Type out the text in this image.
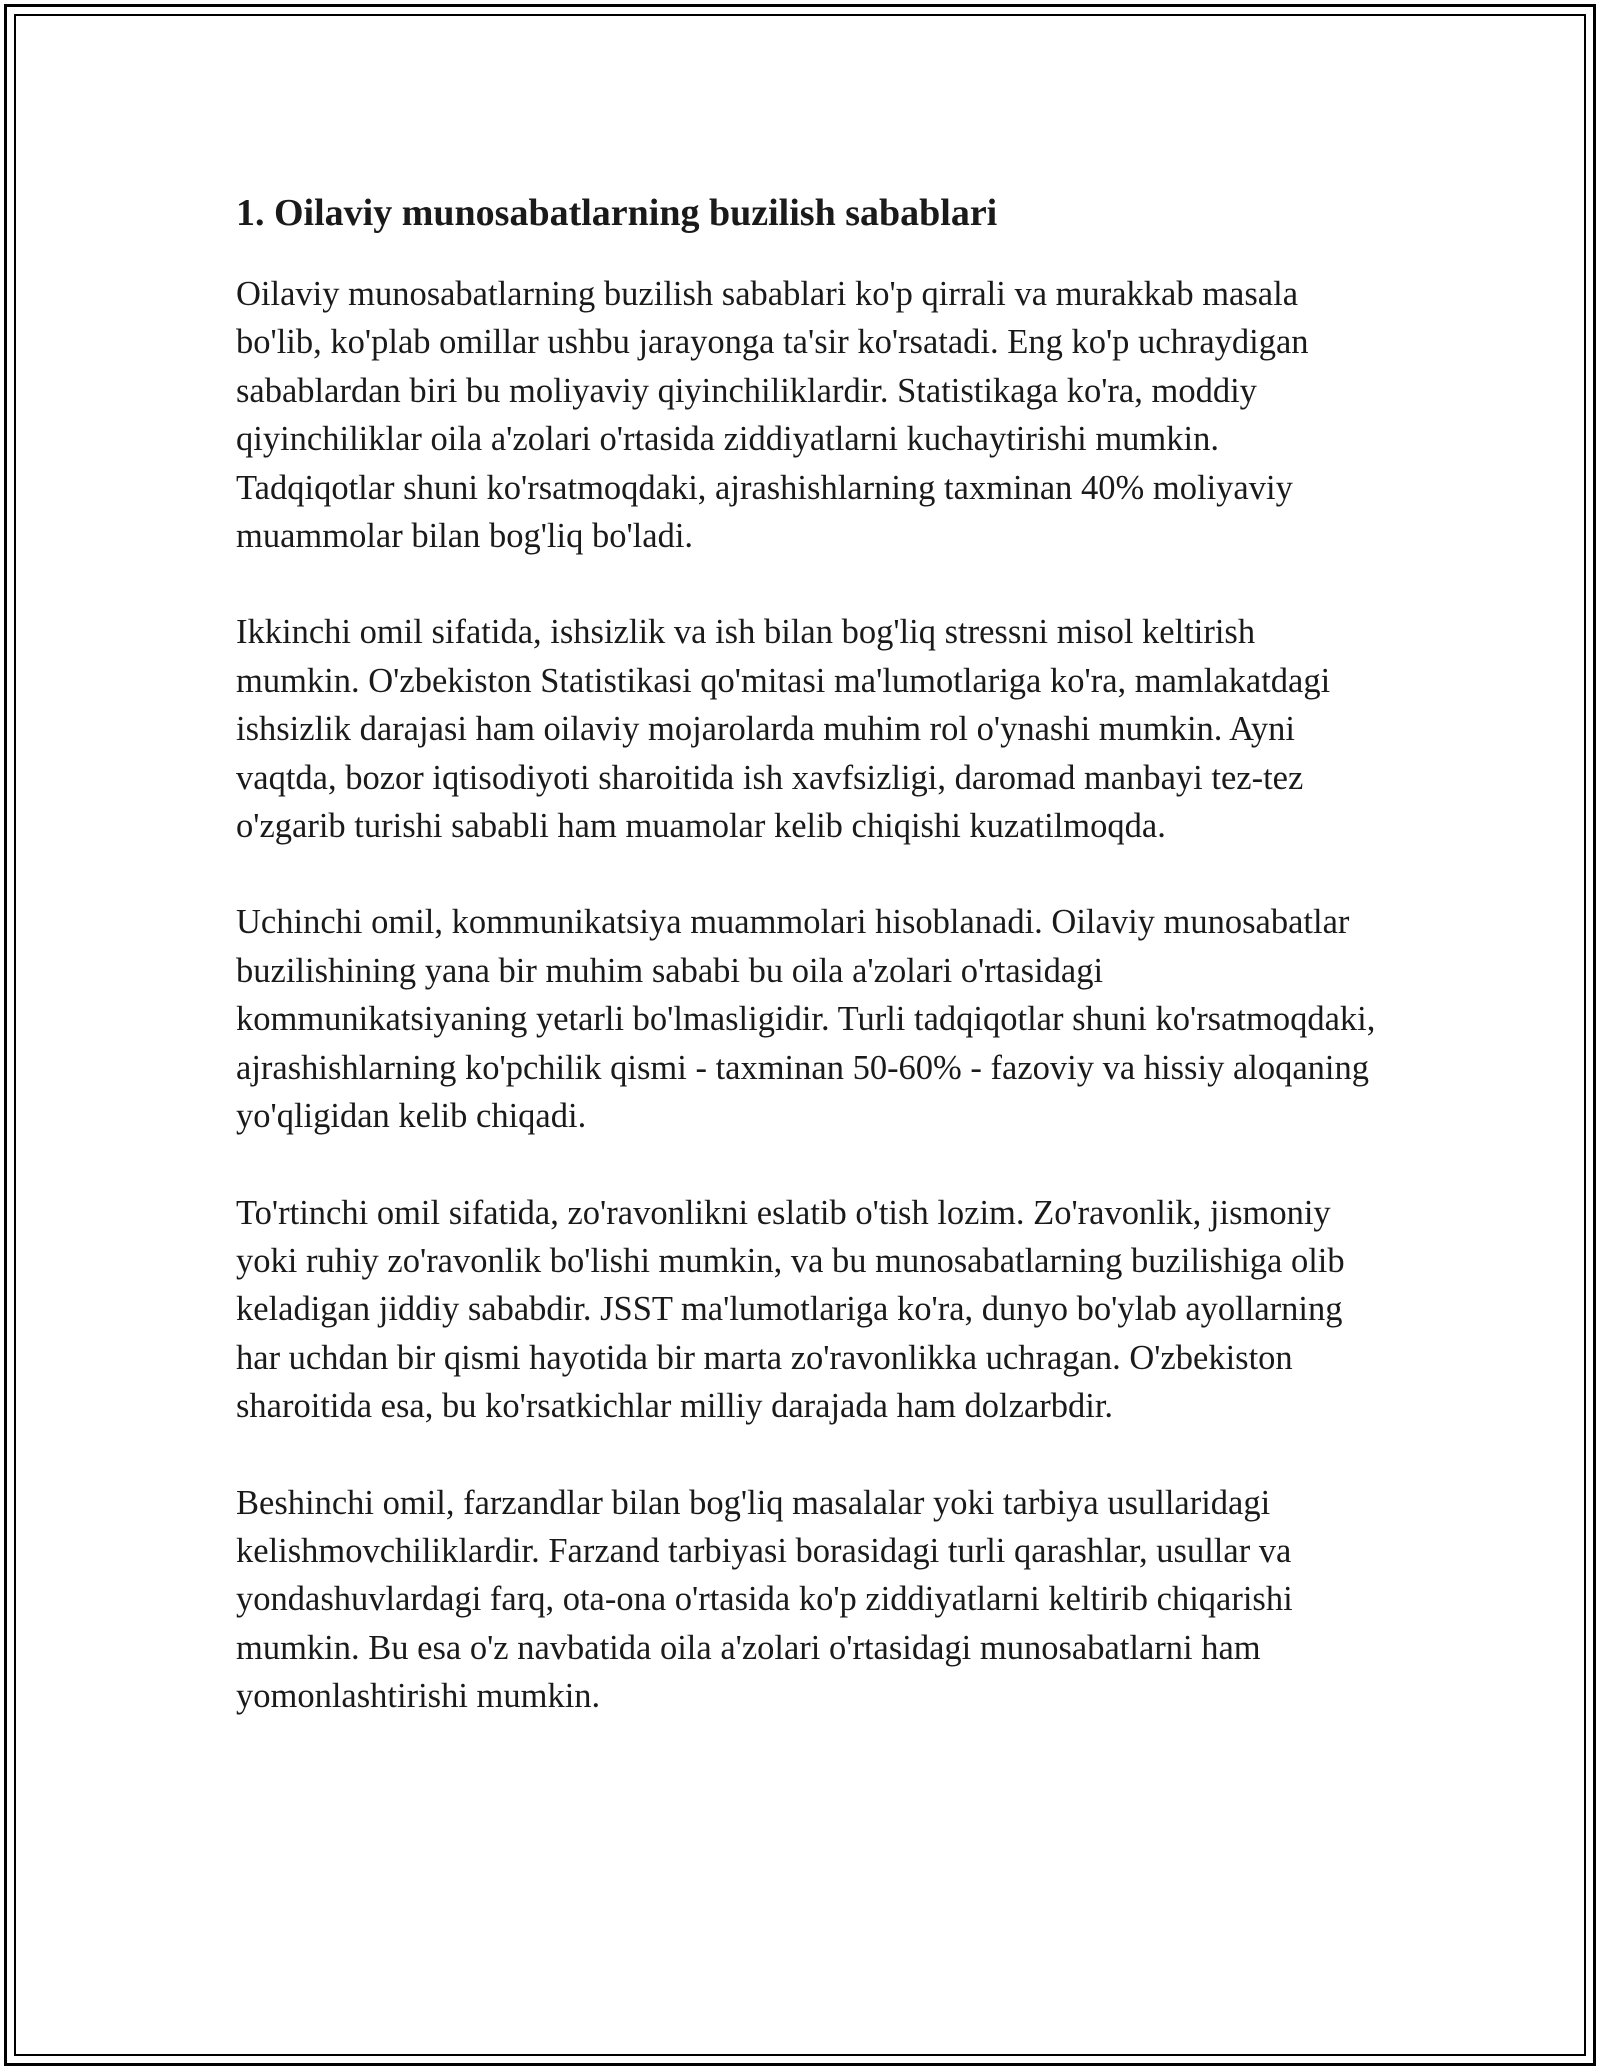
1. Oilaviy munosabatlarning buzilish sabablari

Oilaviy munosabatlarning buzilish sabablari ko'p qirrali va murakkab masala bo'lib, ko'plab omillar ushbu jarayonga ta'sir ko'rsatadi. Eng ko'p uchraydigan sabablardan biri bu moliyaviy qiyinchiliklardir. Statistikaga ko'ra, moddiy qiyinchiliklar oila a'zolari o'rtasida ziddiyatlarni kuchaytirishi mumkin. Tadqiqotlar shuni ko'rsatmoqdaki, ajrashishlarning taxminan 40% moliyaviy muammolar bilan bog'liq bo'ladi.

Ikkinchi omil sifatida, ishsizlik va ish bilan bog'liq stressni misol keltirish mumkin. O'zbekiston Statistikasi qo'mitasi ma'lumotlariga ko'ra, mamlakatdagi ishsizlik darajasi ham oilaviy mojarolarda muhim rol o'ynashi mumkin. Ayni vaqtda, bozor iqtisodiyoti sharoitida ish xavfsizligi, daromad manbayi tez-tez o'zgarib turishi sababli ham muamolar kelib chiqishi kuzatilmoqda.

Uchinchi omil, kommunikatsiya muammolari hisoblanadi. Oilaviy munosabatlar buzilishining yana bir muhim sababi bu oila a'zolari o'rtasidagi kommunikatsiyaning yetarli bo'lmasligidir. Turli tadqiqotlar shuni ko'rsatmoqdaki, ajrashishlarning ko'pchilik qismi - taxminan 50-60% - fazoviy va hissiy aloqaning yo'qligidan kelib chiqadi.

To'rtinchi omil sifatida, zo'ravonlikni eslatib o'tish lozim. Zo'ravonlik, jismoniy yoki ruhiy zo'ravonlik bo'lishi mumkin, va bu munosabatlarning buzilishiga olib keladigan jiddiy sababdir. JSST ma'lumotlariga ko'ra, dunyo bo'ylab ayollarning har uchdan bir qismi hayotida bir marta zo'ravonlikka uchragan. O'zbekiston sharoitida esa, bu ko'rsatkichlar milliy darajada ham dolzarbdir.

Beshinchi omil, farzandlar bilan bog'liq masalalar yoki tarbiya usullaridagi kelishmovchiliklardir. Farzand tarbiyasi borasidagi turli qarashlar, usullar va yondashuvlardagi farq, ota-ona o'rtasida ko'p ziddiyatlarni keltirib chiqarishi mumkin. Bu esa o'z navbatida oila a'zolari o'rtasidagi munosabatlarni ham yomonlashtirishi mumkin.
